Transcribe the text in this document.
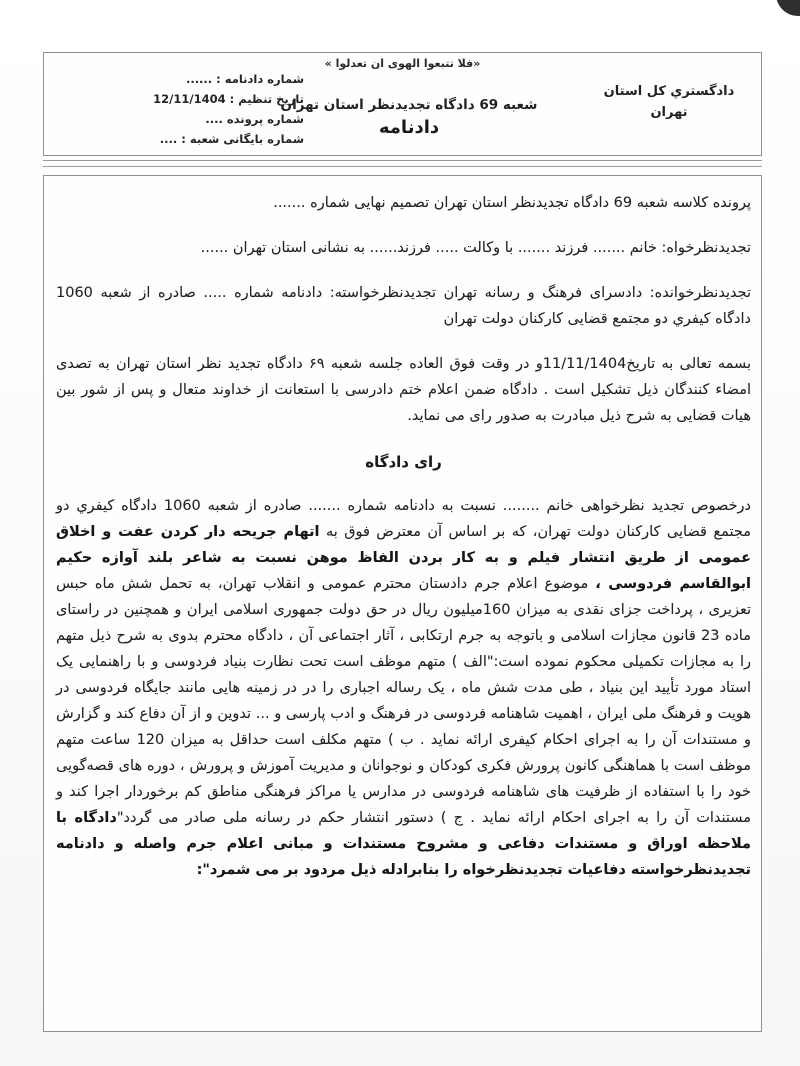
«فلا تتبعوا الهوی ان تعدلوا »
دادگستري کل استان
تهران
شعبه 69 دادگاه تجدیدنظر استان تهران
دادنامه
شماره دادنامه : ......
تاریخ تنظیم : 12/11/1404
شماره پرونده ....
شماره بایگانی شعبه : ....

پرونده کلاسه شعبه 69 دادگاه تجدیدنظر استان تهران تصمیم نهایی شماره .......

تجدیدنظرخواه: خانم ....... فرزند ....... با وکالت ..... فرزند...... به نشانی استان تهران ......

تجدیدنظرخوانده: دادسرای فرهنگ و رسانه تهران تجدیدنظرخواسته: دادنامه شماره ..... صادره از شعبه 1060 دادگاه کیفري دو مجتمع قضایی کارکنان دولت تهران

بسمه تعالی به تاریخ11/11/1404و در وقت فوق العاده جلسه شعبه ۶۹ دادگاه تجدید نظر استان تهران به تصدی امضاء کنندگان ذیل تشکیل است . دادگاه ضمن اعلام ختم دادرسی با استعانت از خداوند متعال و پس از شور بین هیات قضایی به شرح ذیل مبادرت به صدور رای می نماید.

رای دادگاه

درخصوص تجدید نظرخواهی خانم ........ نسبت به دادنامه شماره ....... صادره از شعبه 1060 دادگاه کیفري دو مجتمع قضایی کارکنان دولت تهران، که بر اساس آن معترض فوق به اتهام جریحه دار کردن عفت و اخلاق عمومی از طریق انتشار فیلم و به کار بردن الفاظ موهن نسبت به شاعر بلند آوازه حکیم ابوالقاسم فردوسی ، موضوع اعلام جرم دادستان محترم عمومی و انقلاب تهران، به تحمل شش ماه حبس تعزیری ، پرداخت جزای نقدی به میزان 160میلیون ریال در حق دولت جمهوری اسلامی ایران و همچنین در راستای ماده 23 قانون مجازات اسلامی و باتوجه به جرم ارتکابی ، آثار اجتماعی آن ، دادگاه محترم بدوی به شرح ذیل متهم را به مجازات تکمیلی محکوم نموده است:"الف ) متهم موظف است تحت نظارت بنیاد فردوسی و با راهنمایی یک استاد مورد تأیید این بنیاد ، طی مدت شش ماه ، یک رساله اجباری را در در زمینه هایی مانند جایگاه فردوسی در هویت و فرهنگ ملی ایران ، اهمیت شاهنامه فردوسی در فرهنگ و ادب پارسی و ... تدوین و از آن دفاع کند و گزارش و مستندات آن را به اجرای احکام کیفری ارائه نماید . ب ) متهم مکلف است حداقل به میزان 120 ساعت متهم موظف است با هماهنگی کانون پرورش فکری کودکان و نوجوانان و مدیریت آموزش و پرورش ، دوره های قصه‌گویی خود را با استفاده از ظرفیت های شاهنامه فردوسی در مدارس یا مراکز فرهنگی مناطق کم برخوردار اجرا کند و مستندات آن را به اجرای احکام ارائه نماید . ج ) دستور انتشار حکم در رسانه ملی صادر می گردد"دادگاه با ملاحظه اوراق و مستندات دفاعی و مشروح مستندات و مبانی اعلام جرم واصله و دادنامه تجدیدنظرخواسته دفاعیات تجدیدنظرخواه را بنابرادله ذیل مردود بر می شمرد":
